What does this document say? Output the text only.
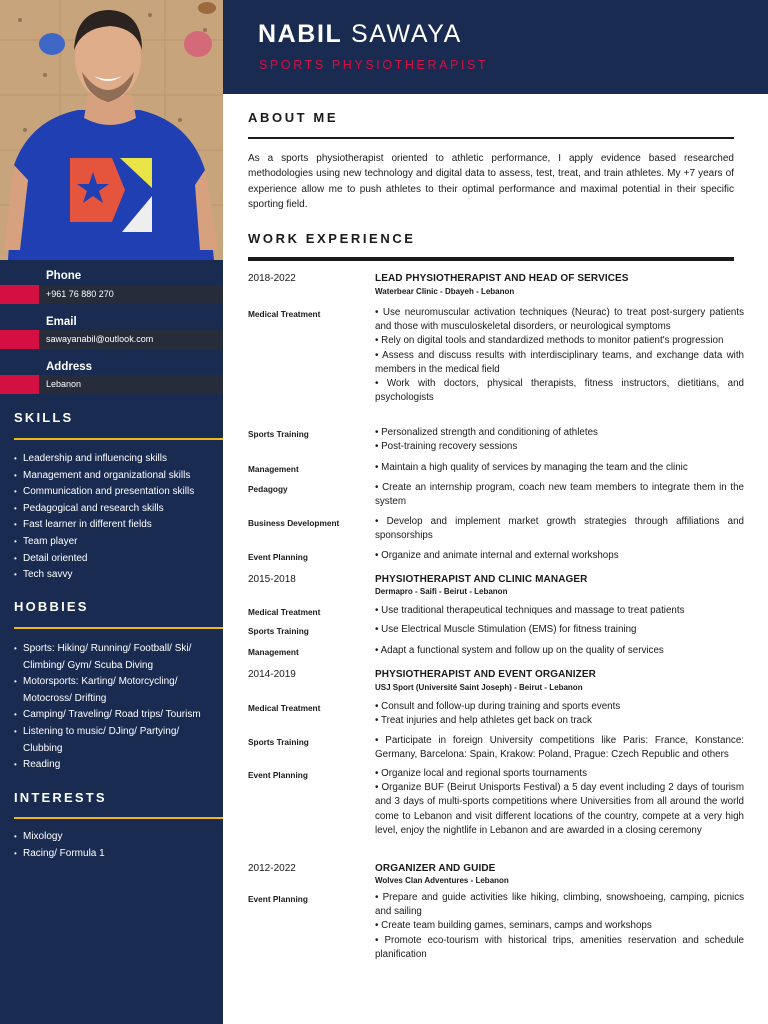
Phone
+961 76 880 270
Email
sawayanabil@outlook.com
Address
Lebanon
SKILLS
• Leadership and influencing skills
• Management and organizational skills
• Communication and presentation skills
• Pedagogical and research skills
• Fast learner in different fields
• Team player
• Detail oriented
• Tech savvy
HOBBIES
• Sports: Hiking/ Running/ Football/ Ski/
Climbing/ Gym/ Scuba Diving
• Motorsports: Karting/ Motorcycling/
Motocross/ Drifting
• Camping/ Traveling/ Road trips/ Tourism
• Listening to music/ DJing/ Partying/
Clubbing
• Reading
INTERESTS
• Mixology
• Racing/ Formula 1
NABIL SAWAYA
SPORTS PHYSIOTHERAPIST
ABOUT ME
As a sports physiotherapist oriented to athletic performance, I apply evidence based researched methodologies using new technology and digital data to assess, test, treat, and train athletes. My +7 years of experience allow me to push athletes to their optimal performance and maximal potential in their specific sporting field.
WORK EXPERIENCE
2018-2022	LEAD PHYSIOTHERAPIST AND HEAD OF SERVICES
Waterbear Clinic - Dbayeh - Lebanon
Medical Treatment	• Use neuromuscular activation techniques (Neurac) to treat post-surgery patients and those with musculoskeletal disorders, or neurological symptoms
• Rely on digital tools and standardized methods to monitor patient's progression
• Assess and discuss results with interdisciplinary teams, and exchange data with members in the medical field
• Work with doctors, physical therapists, fitness instructors, dietitians, and psychologists
Sports Training	• Personalized strength and conditioning of athletes
• Post-training recovery sessions
Management	• Maintain a high quality of services by managing the team and the clinic
Pedagogy	• Create an internship program, coach new team members to integrate them in the system
Business Development	• Develop and implement market growth strategies through affiliations and sponsorships
Event Planning	• Organize and animate internal and external workshops
2015-2018	PHYSIOTHERAPIST AND CLINIC MANAGER
Dermapro - Saifi - Beirut - Lebanon
Medical Treatment	• Use traditional therapeutical techniques and massage to treat patients
Sports Training	• Use Electrical Muscle Stimulation (EMS) for fitness training
Management	• Adapt a functional system and follow up on the quality of services
2014-2019	PHYSIOTHERAPIST AND EVENT ORGANIZER
USJ Sport (Université Saint Joseph) - Beirut - Lebanon
Medical Treatment	• Consult and follow-up during training and sports events
• Treat injuries and help athletes get back on track
Sports Training	• Participate in foreign University competitions like Paris: France, Konstance: Germany, Barcelona: Spain, Krakow: Poland, Prague: Czech Republic and others
Event Planning	• Organize local and regional sports tournaments
• Organize BUF (Beirut Unisports Festival) a 5 day event including 2 days of tourism and 3 days of multi-sports competitions where Universities from all around the world come to Lebanon and visit different locations of the country, compete at a very high level, enjoy the nightlife in Lebanon and are awarded in a closing ceremony
2012-2022	ORGANIZER AND GUIDE
Wolves Clan Adventures - Lebanon
Event Planning	• Prepare and guide activities like hiking, climbing, snowshoeing, camping, picnics and sailing
• Create team building games, seminars, camps and workshops
• Promote eco-tourism with historical trips, amenities reservation and schedule planification
